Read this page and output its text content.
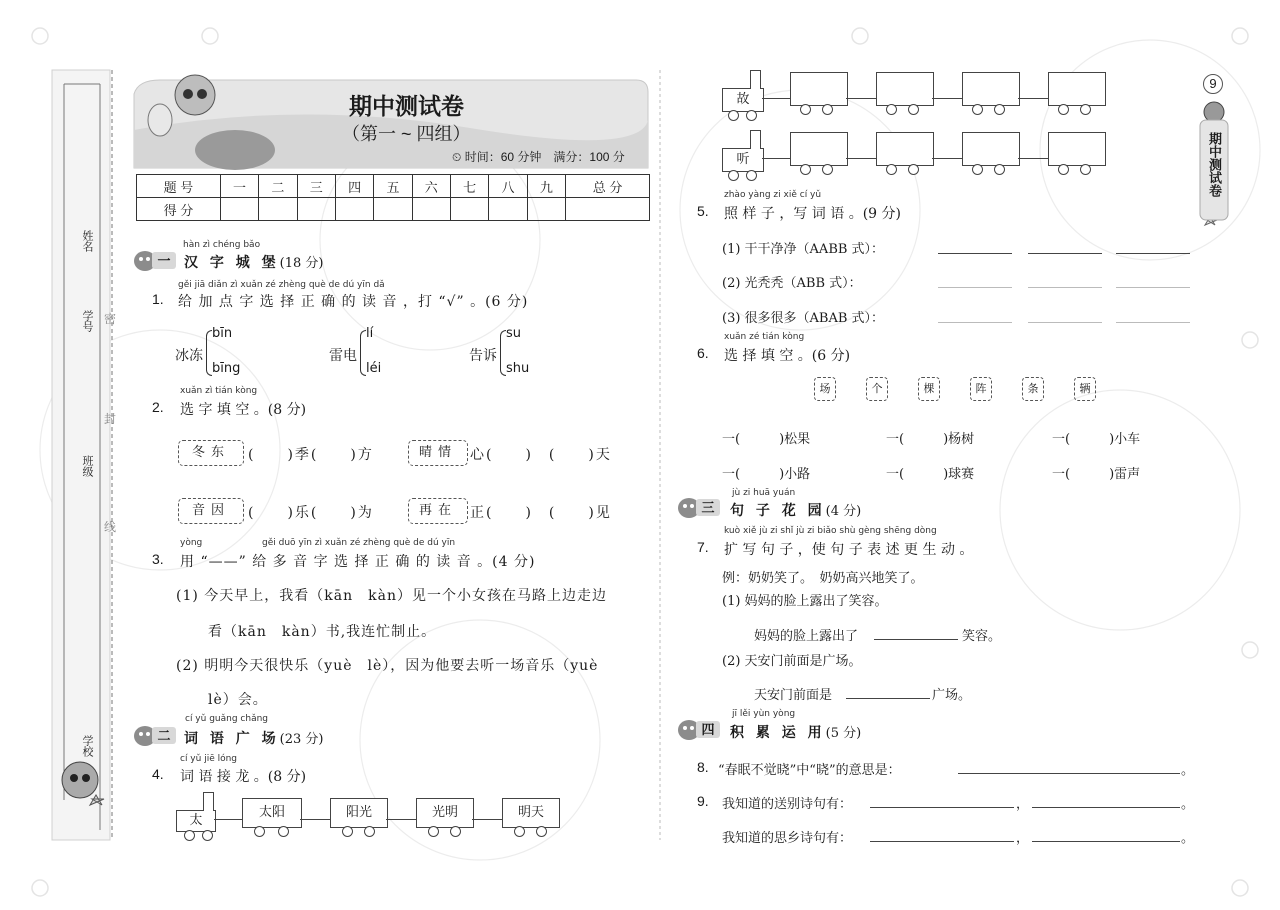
姓名
学号 密
封
班级
线
学校
期中测试卷
（第一 ~ 四组）
⏲ 时间：60 分钟　满分：100 分
题 号	一	二	三	四	五	六	七	八	九	总 分
得 分										
hàn zì chéng bǎo
一 汉 字 城 堡(18 分)
gěi jiā diǎn zì xuǎn zé zhèng què de dú yīn dǎ
1. 给 加 点 字 选 择 正 确 的 读 音 ，打 “√” 。(6 分)
冰冻
bīn
bīng
雷电
lí
léi
告诉
su
shu
xuǎn zì tián kòng
2. 选 字 填 空 。(8 分)
冬东	(　　)季(　　)方	晴情 心(　　)　(　　)天
音因	(　　)乐(　　)为	再在 正(　　)　(　　)见
yòng	gěi duō yīn zì xuǎn zé zhèng què de dú yīn
3. 用 “——” 给 多 音 字 选 择 正 确 的 读 音 。(4 分)
(1) 今天早上，我看（kān　kàn）见一个小女孩在马路上边走边
看（kān　kàn）书,我连忙制止。
(2) 明明今天很快乐（yuè　lè），因为他要去听一场音乐（yuè
lè）会。
cí yǔ guǎng chǎng
二 词 语 广 场(23 分)
cí yǔ jiē lóng
4. 词 语 接 龙 。(8 分)
太
太阳	阳光	光明	明天
9
期中测试卷
故
听
zhào yàng zi xiě cí yǔ
5. 照 样 子 ，写 词 语 。(9 分)
(1) 干干净净（AABB 式）：
(2) 光秃秃（ABB 式）：
(3) 很多很多（ABAB 式）：
xuǎn zé tián kòng
6. 选 择 填 空 。(6 分)
场	个	棵	阵	条	辆
一(　　　)松果	一(　　　)杨树	一(　　　)小车
一(　　　)小路	一(　　　)球赛	一(　　　)雷声
jù zi huā yuán
三	句 子 花 园(4 分)
kuò xiě jù zi shǐ jù zi biǎo shù gèng shēng dòng
7. 扩 写 句 子 ，使 句 子 表 述 更 生 动 。
例：奶奶笑了。　奶奶高兴地笑了。
(1) 妈妈的脸上露出了笑容。
妈妈的脸上露出了	笑容。
(2) 天安门前面是广场。
天安门前面是	广场。
jī lěi yùn yòng
四	积 累 运 用(5 分)
8. “春眠不觉晓”中“晓”的意思是：	。
9. 我知道的送别诗句有：	，	。
我知道的思乡诗句有：	，	。
